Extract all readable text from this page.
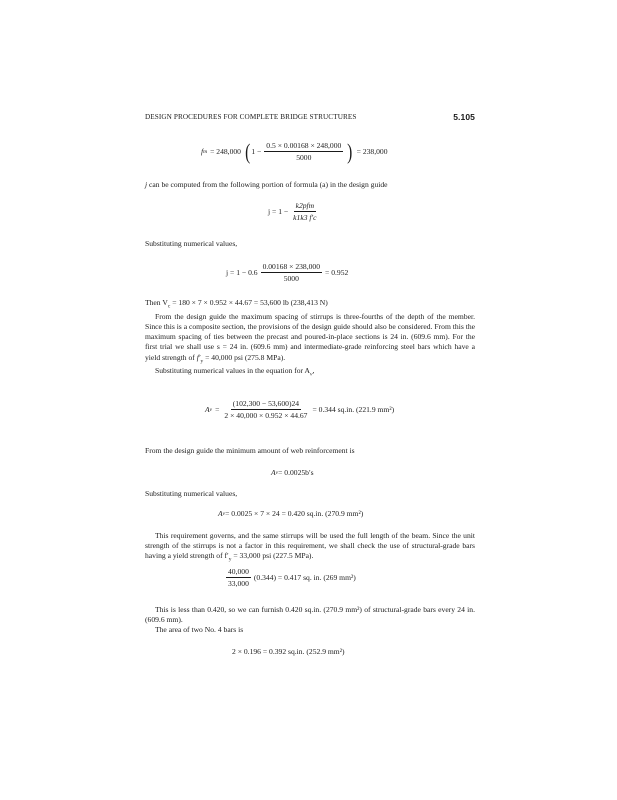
DESIGN PROCEDURES FOR COMPLETE BRIDGE STRUCTURES	5.105
f m = 248,000 ( $1 - \frac{0.5 \times 0.00168 \times 248,000}{5000}$ ) = 238,000
j can be computed from the following portion of formula (a) in the design guide
$j = 1 - \frac{\text{k2pfm}}{k1k3 f'c}$
Substituting numerical values,
$j = 1 - 0.6 \frac{0.00168 \times 238,000}{5000} = 0.952$
Then $V_c = 180 \times 7 \times 0.952 \times 44.67 = 53,600$ lb (238,413 N)
From the design guide the maximum spacing of stirrups is three-fourths of the depth of the member. Since this is a composite section, the provisions of the design guide should also be considered. From this the maximum spacing of ties between the precast and poured-in-place sections is 24 in. (609.6 mm). For the first trial we shall use s = 24 in. (609.6 mm) and intermediate-grade reinforcing steel bars which have a yield strength of $f'_y = 40,000$ psi (275.8 MPa).
Substituting numerical values in the equation for $A_v$,
A $v = \frac{(102,300 - 53,600)24}{2 \times 40,000 \times 0.952 \times 44.67} = 0.344$ sq.in. (221.9 mm²)
From the design guide the minimum amount of web reinforcement is
A v = 0.0025b′s
Substituting numerical values,
A v = 0.0025 × 7 × 24 = 0.420 sq.in. (270.9 mm²)
This requirement governs, and the same stirrups will be used the full length of the beam. Since the unit strength of the stirrups is not a factor in this requirement, we shall check the use of structural-grade bars having a yield strength of $f'_y = 33,000$ psi (227.5 MPa).
$\frac{40,000}{33,000} (0.344) = 0.417$ sq. in. (269 mm²)
This is less than 0.420, so we can furnish 0.420 sq.in. (270.9 mm²) of structural-grade bars every 24 in. (609.6 mm).
The area of two No. 4 bars is
2 × 0.196 = 0.392 sq.in. (252.9 mm²)
